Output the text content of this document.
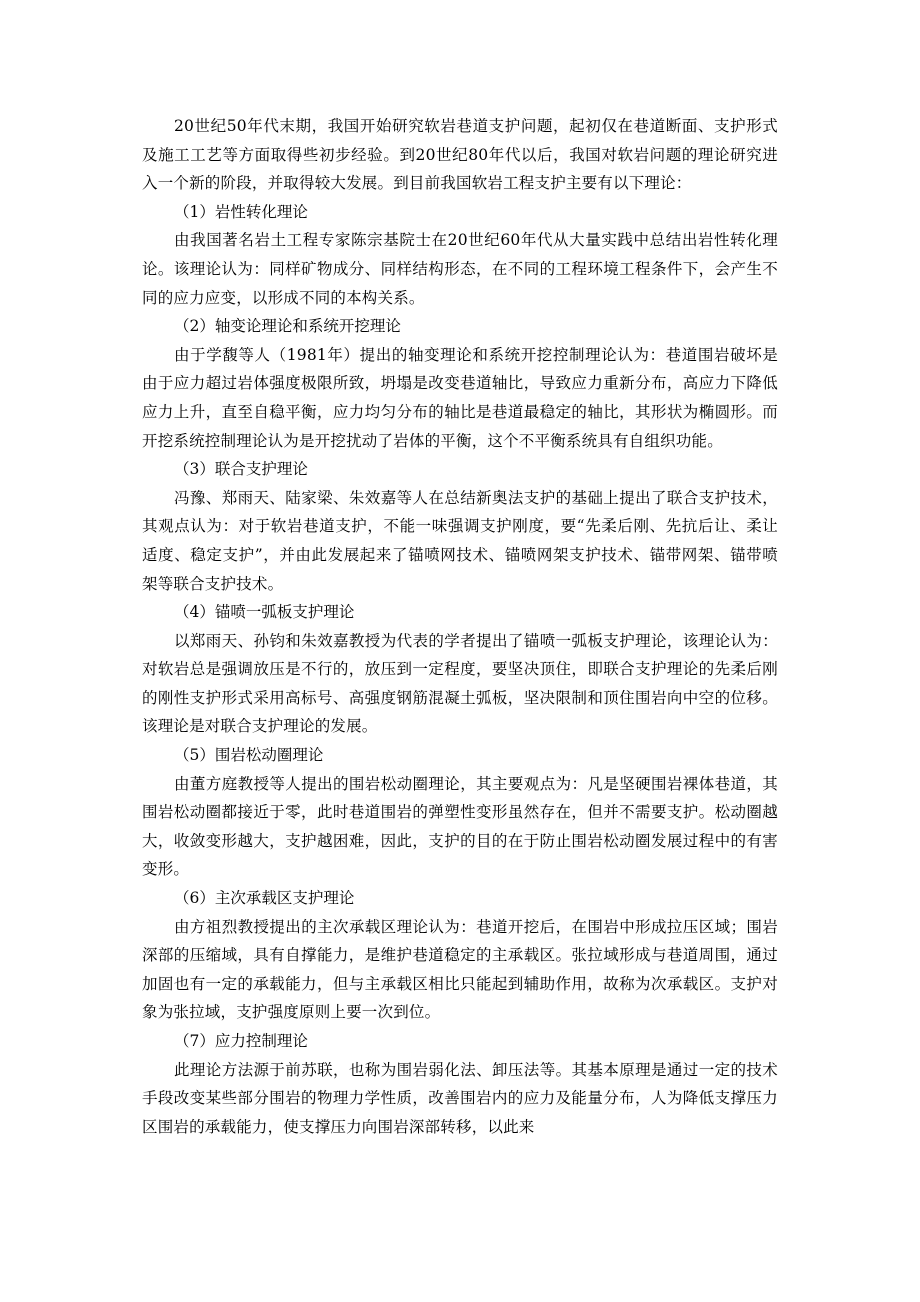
20世纪50年代末期，我国开始研究软岩巷道支护问题，起初仅在巷道断面、支护形式及施工工艺等方面取得些初步经验。到20世纪80年代以后，我国对软岩问题的理论研究进入一个新的阶段，并取得较大发展。到目前我国软岩工程支护主要有以下理论：

（1）岩性转化理论

由我国著名岩土工程专家陈宗基院士在20世纪60年代从大量实践中总结出岩性转化理论。该理论认为：同样矿物成分、同样结构形态，在不同的工程环境工程条件下，会产生不同的应力应变，以形成不同的本构关系。

（2）轴变论理论和系统开挖理论

由于学馥等人（1981年）提出的轴变理论和系统开挖控制理论认为：巷道围岩破坏是由于应力超过岩体强度极限所致，坍塌是改变巷道轴比，导致应力重新分布，高应力下降低应力上升，直至自稳平衡，应力均匀分布的轴比是巷道最稳定的轴比，其形状为椭圆形。而开挖系统控制理论认为是开挖扰动了岩体的平衡，这个不平衡系统具有自组织功能。

（3）联合支护理论

冯豫、郑雨天、陆家梁、朱效嘉等人在总结新奥法支护的基础上提出了联合支护技术，其观点认为：对于软岩巷道支护，不能一味强调支护刚度，要“先柔后刚、先抗后让、柔让适度、稳定支护”，并由此发展起来了锚喷网技术、锚喷网架支护技术、锚带网架、锚带喷架等联合支护技术。

（4）锚喷一弧板支护理论

以郑雨天、孙钧和朱效嘉教授为代表的学者提出了锚喷一弧板支护理论，该理论认为：对软岩总是强调放压是不行的，放压到一定程度，要坚决顶住，即联合支护理论的先柔后刚的刚性支护形式采用高标号、高强度钢筋混凝土弧板，坚决限制和顶住围岩向中空的位移。该理论是对联合支护理论的发展。

（5）围岩松动圈理论

由董方庭教授等人提出的围岩松动圈理论，其主要观点为：凡是坚硬围岩裸体巷道，其围岩松动圈都接近于零，此时巷道围岩的弹塑性变形虽然存在，但并不需要支护。松动圈越大，收敛变形越大，支护越困难，因此，支护的目的在于防止围岩松动圈发展过程中的有害变形。

（6）主次承载区支护理论

由方祖烈教授提出的主次承载区理论认为：巷道开挖后，在围岩中形成拉压区域；围岩深部的压缩域，具有自撑能力，是维护巷道稳定的主承载区。张拉域形成与巷道周围，通过加固也有一定的承载能力，但与主承载区相比只能起到辅助作用，故称为次承载区。支护对象为张拉域，支护强度原则上要一次到位。

（7）应力控制理论

此理论方法源于前苏联，也称为围岩弱化法、卸压法等。其基本原理是通过一定的技术手段改变某些部分围岩的物理力学性质，改善围岩内的应力及能量分布，人为降低支撑压力区围岩的承载能力，使支撑压力向围岩深部转移，以此来
